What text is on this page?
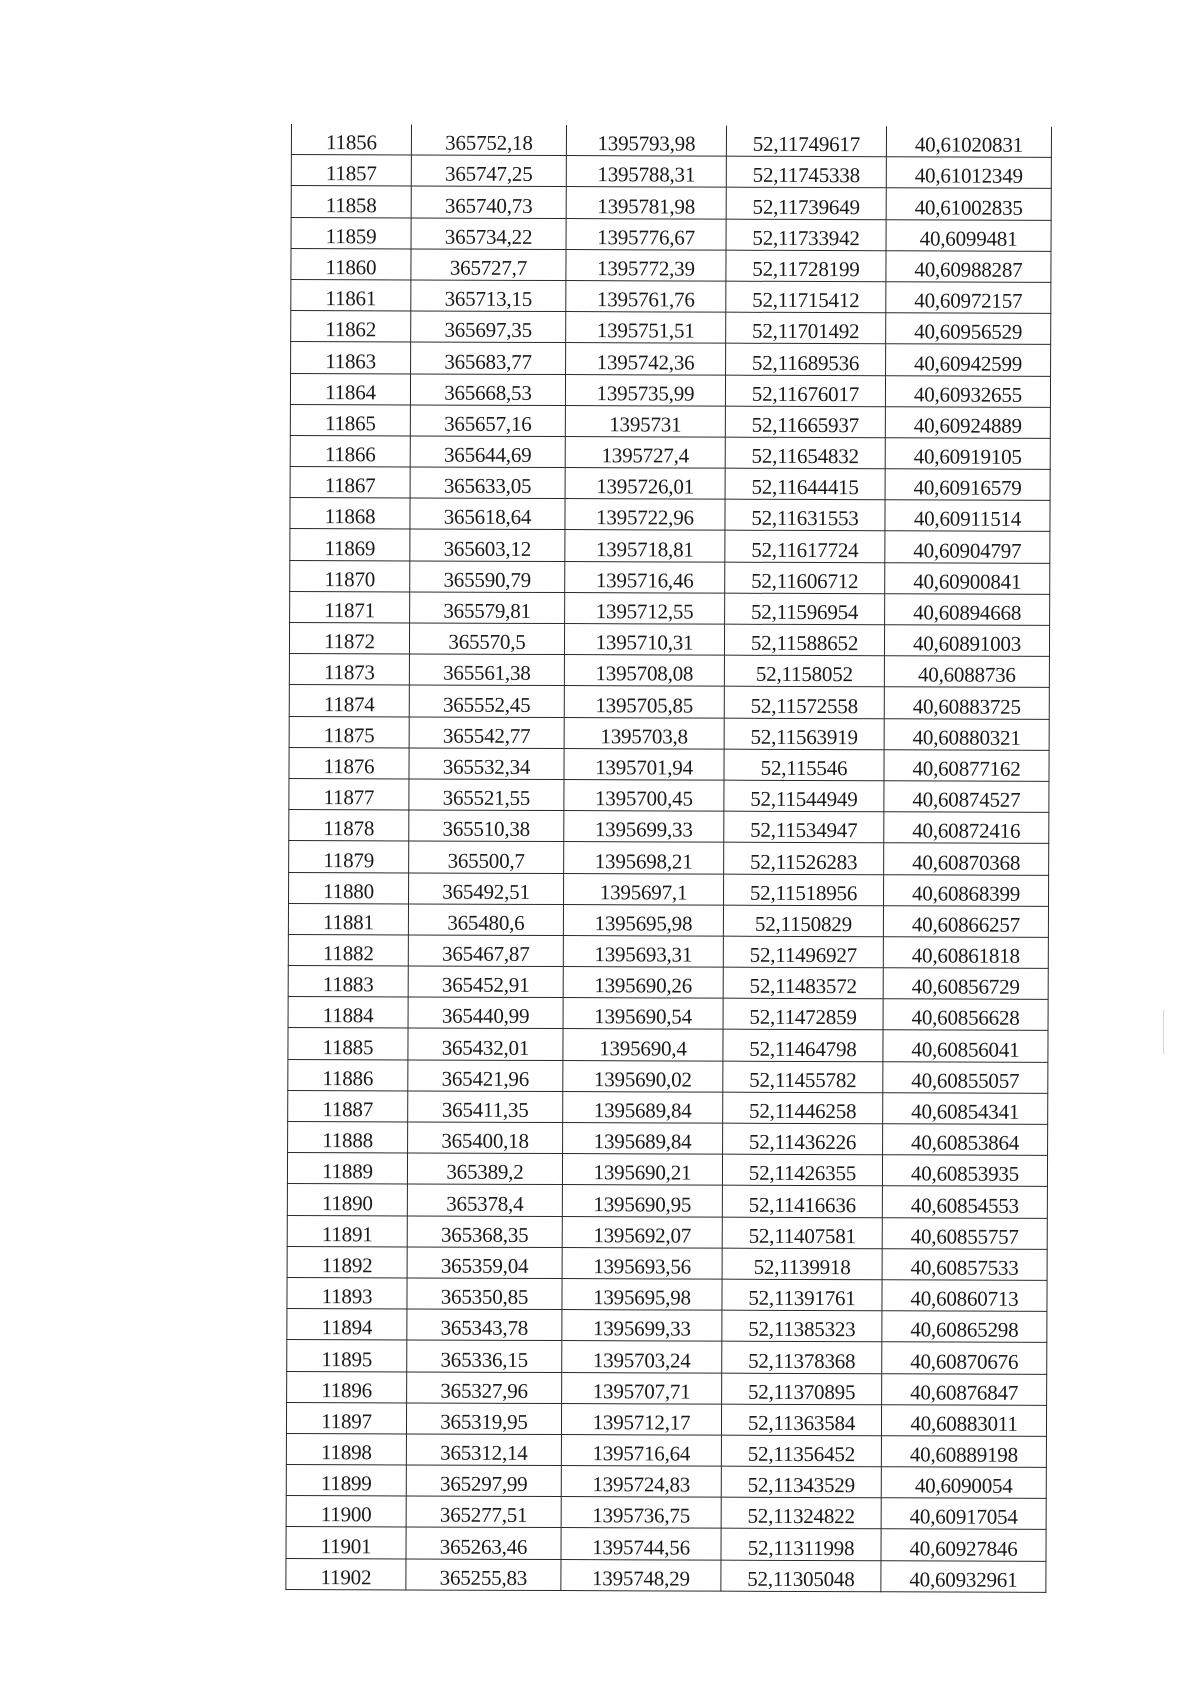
11856	365752,18	1395793,98	52,11749617	40,61020831
11857	365747,25	1395788,31	52,11745338	40,61012349
11858	365740,73	1395781,98	52,11739649	40,61002835
11859	365734,22	1395776,67	52,11733942	40,6099481
11860	365727,7	1395772,39	52,11728199	40,60988287
11861	365713,15	1395761,76	52,11715412	40,60972157
11862	365697,35	1395751,51	52,11701492	40,60956529
11863	365683,77	1395742,36	52,11689536	40,60942599
11864	365668,53	1395735,99	52,11676017	40,60932655
11865	365657,16	1395731	52,11665937	40,60924889
11866	365644,69	1395727,4	52,11654832	40,60919105
11867	365633,05	1395726,01	52,11644415	40,60916579
11868	365618,64	1395722,96	52,11631553	40,60911514
11869	365603,12	1395718,81	52,11617724	40,60904797
11870	365590,79	1395716,46	52,11606712	40,60900841
11871	365579,81	1395712,55	52,11596954	40,60894668
11872	365570,5	1395710,31	52,11588652	40,60891003
11873	365561,38	1395708,08	52,1158052	40,6088736
11874	365552,45	1395705,85	52,11572558	40,60883725
11875	365542,77	1395703,8	52,11563919	40,60880321
11876	365532,34	1395701,94	52,115546	40,60877162
11877	365521,55	1395700,45	52,11544949	40,60874527
11878	365510,38	1395699,33	52,11534947	40,60872416
11879	365500,7	1395698,21	52,11526283	40,60870368
11880	365492,51	1395697,1	52,11518956	40,60868399
11881	365480,6	1395695,98	52,1150829	40,60866257
11882	365467,87	1395693,31	52,11496927	40,60861818
11883	365452,91	1395690,26	52,11483572	40,60856729
11884	365440,99	1395690,54	52,11472859	40,60856628
11885	365432,01	1395690,4	52,11464798	40,60856041
11886	365421,96	1395690,02	52,11455782	40,60855057
11887	365411,35	1395689,84	52,11446258	40,60854341
11888	365400,18	1395689,84	52,11436226	40,60853864
11889	365389,2	1395690,21	52,11426355	40,60853935
11890	365378,4	1395690,95	52,11416636	40,60854553
11891	365368,35	1395692,07	52,11407581	40,60855757
11892	365359,04	1395693,56	52,1139918	40,60857533
11893	365350,85	1395695,98	52,11391761	40,60860713
11894	365343,78	1395699,33	52,11385323	40,60865298
11895	365336,15	1395703,24	52,11378368	40,60870676
11896	365327,96	1395707,71	52,11370895	40,60876847
11897	365319,95	1395712,17	52,11363584	40,60883011
11898	365312,14	1395716,64	52,11356452	40,60889198
11899	365297,99	1395724,83	52,11343529	40,6090054
11900	365277,51	1395736,75	52,11324822	40,60917054
11901	365263,46	1395744,56	52,11311998	40,60927846
11902	365255,83	1395748,29	52,11305048	40,60932961
